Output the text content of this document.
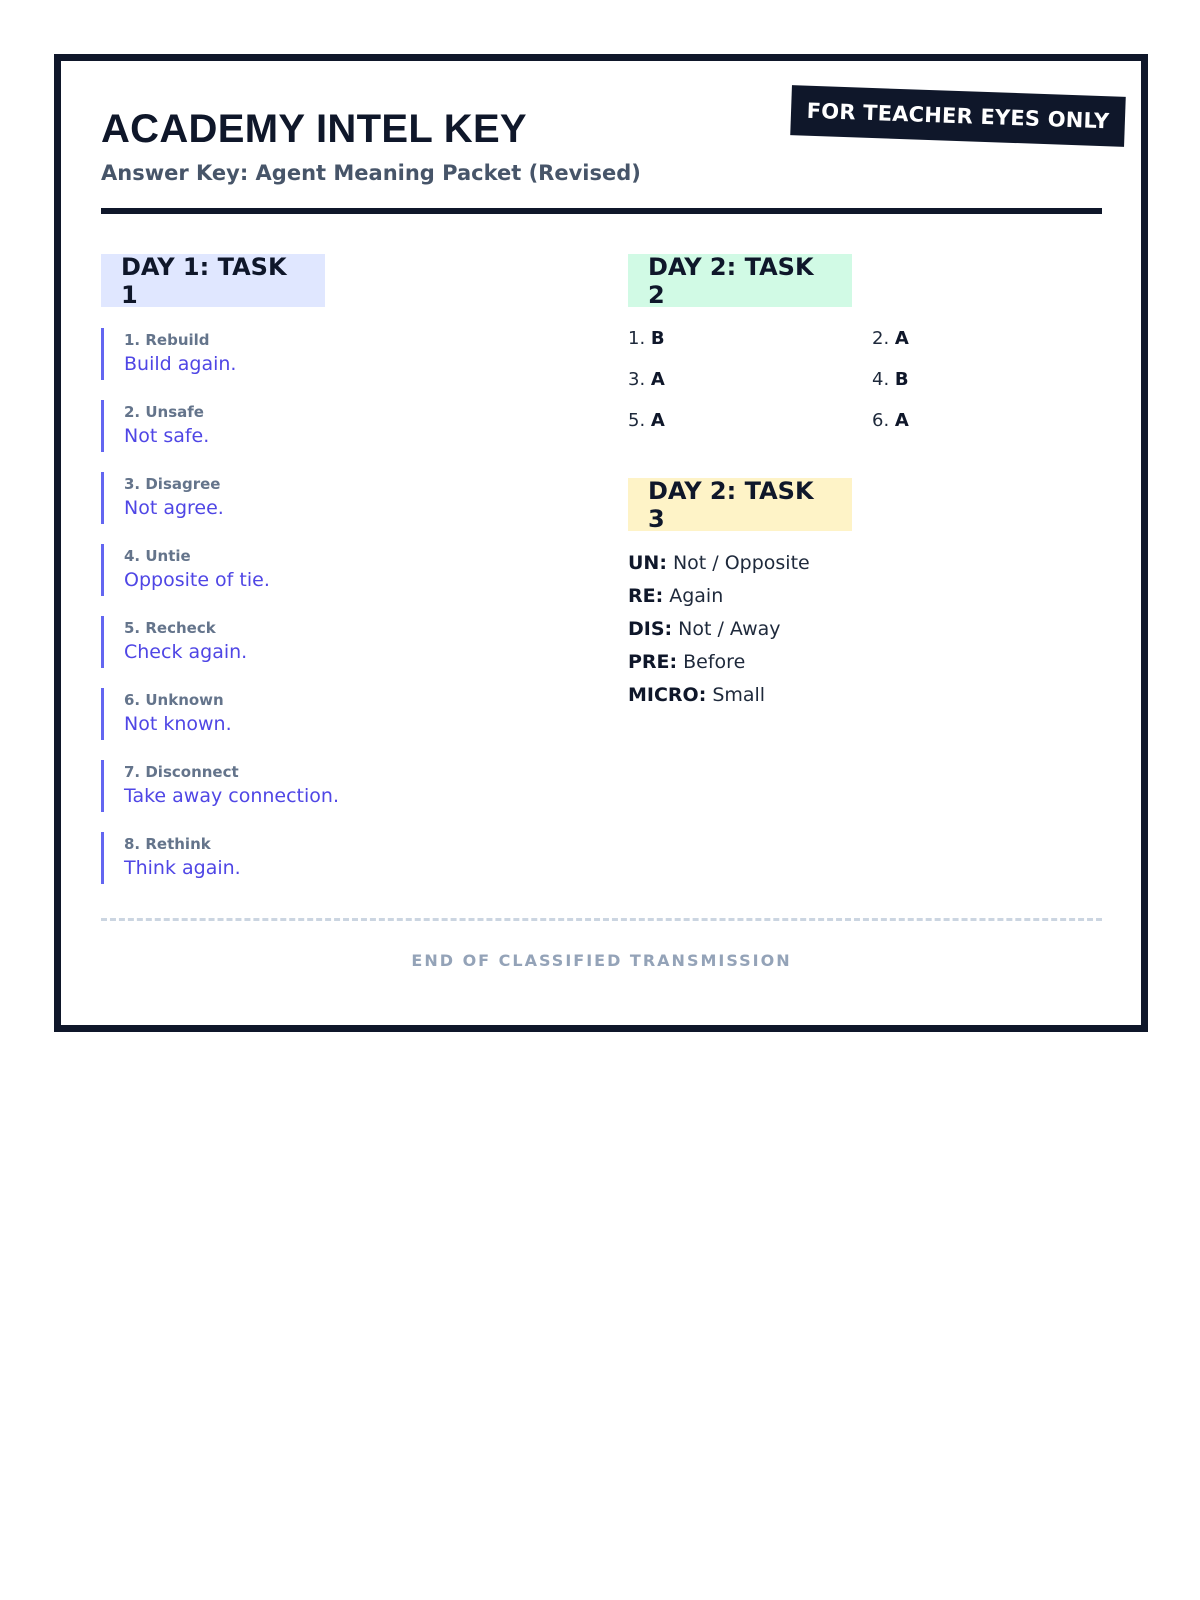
FOR TEACHER EYES ONLY
ACADEMY INTEL KEY

Answer Key: Agent Meaning Packet (Revised)

DAY 1: TASK 1
1. Rebuild
Build again.
2. Unsafe
Not safe.
3. Disagree
Not agree.
4. Untie
Opposite of tie.
5. Recheck
Check again.
6. Unknown
Not known.
7. Disconnect
Take away connection.
8. Rethink
Think again.
DAY 2: TASK 2
1. B	2. A
3. A	4. B
5. A	6. A
DAY 2: TASK 3
UN: Not / Opposite
RE: Again
DIS: Not / Away
PRE: Before
MICRO: Small
END OF CLASSIFIED TRANSMISSION
